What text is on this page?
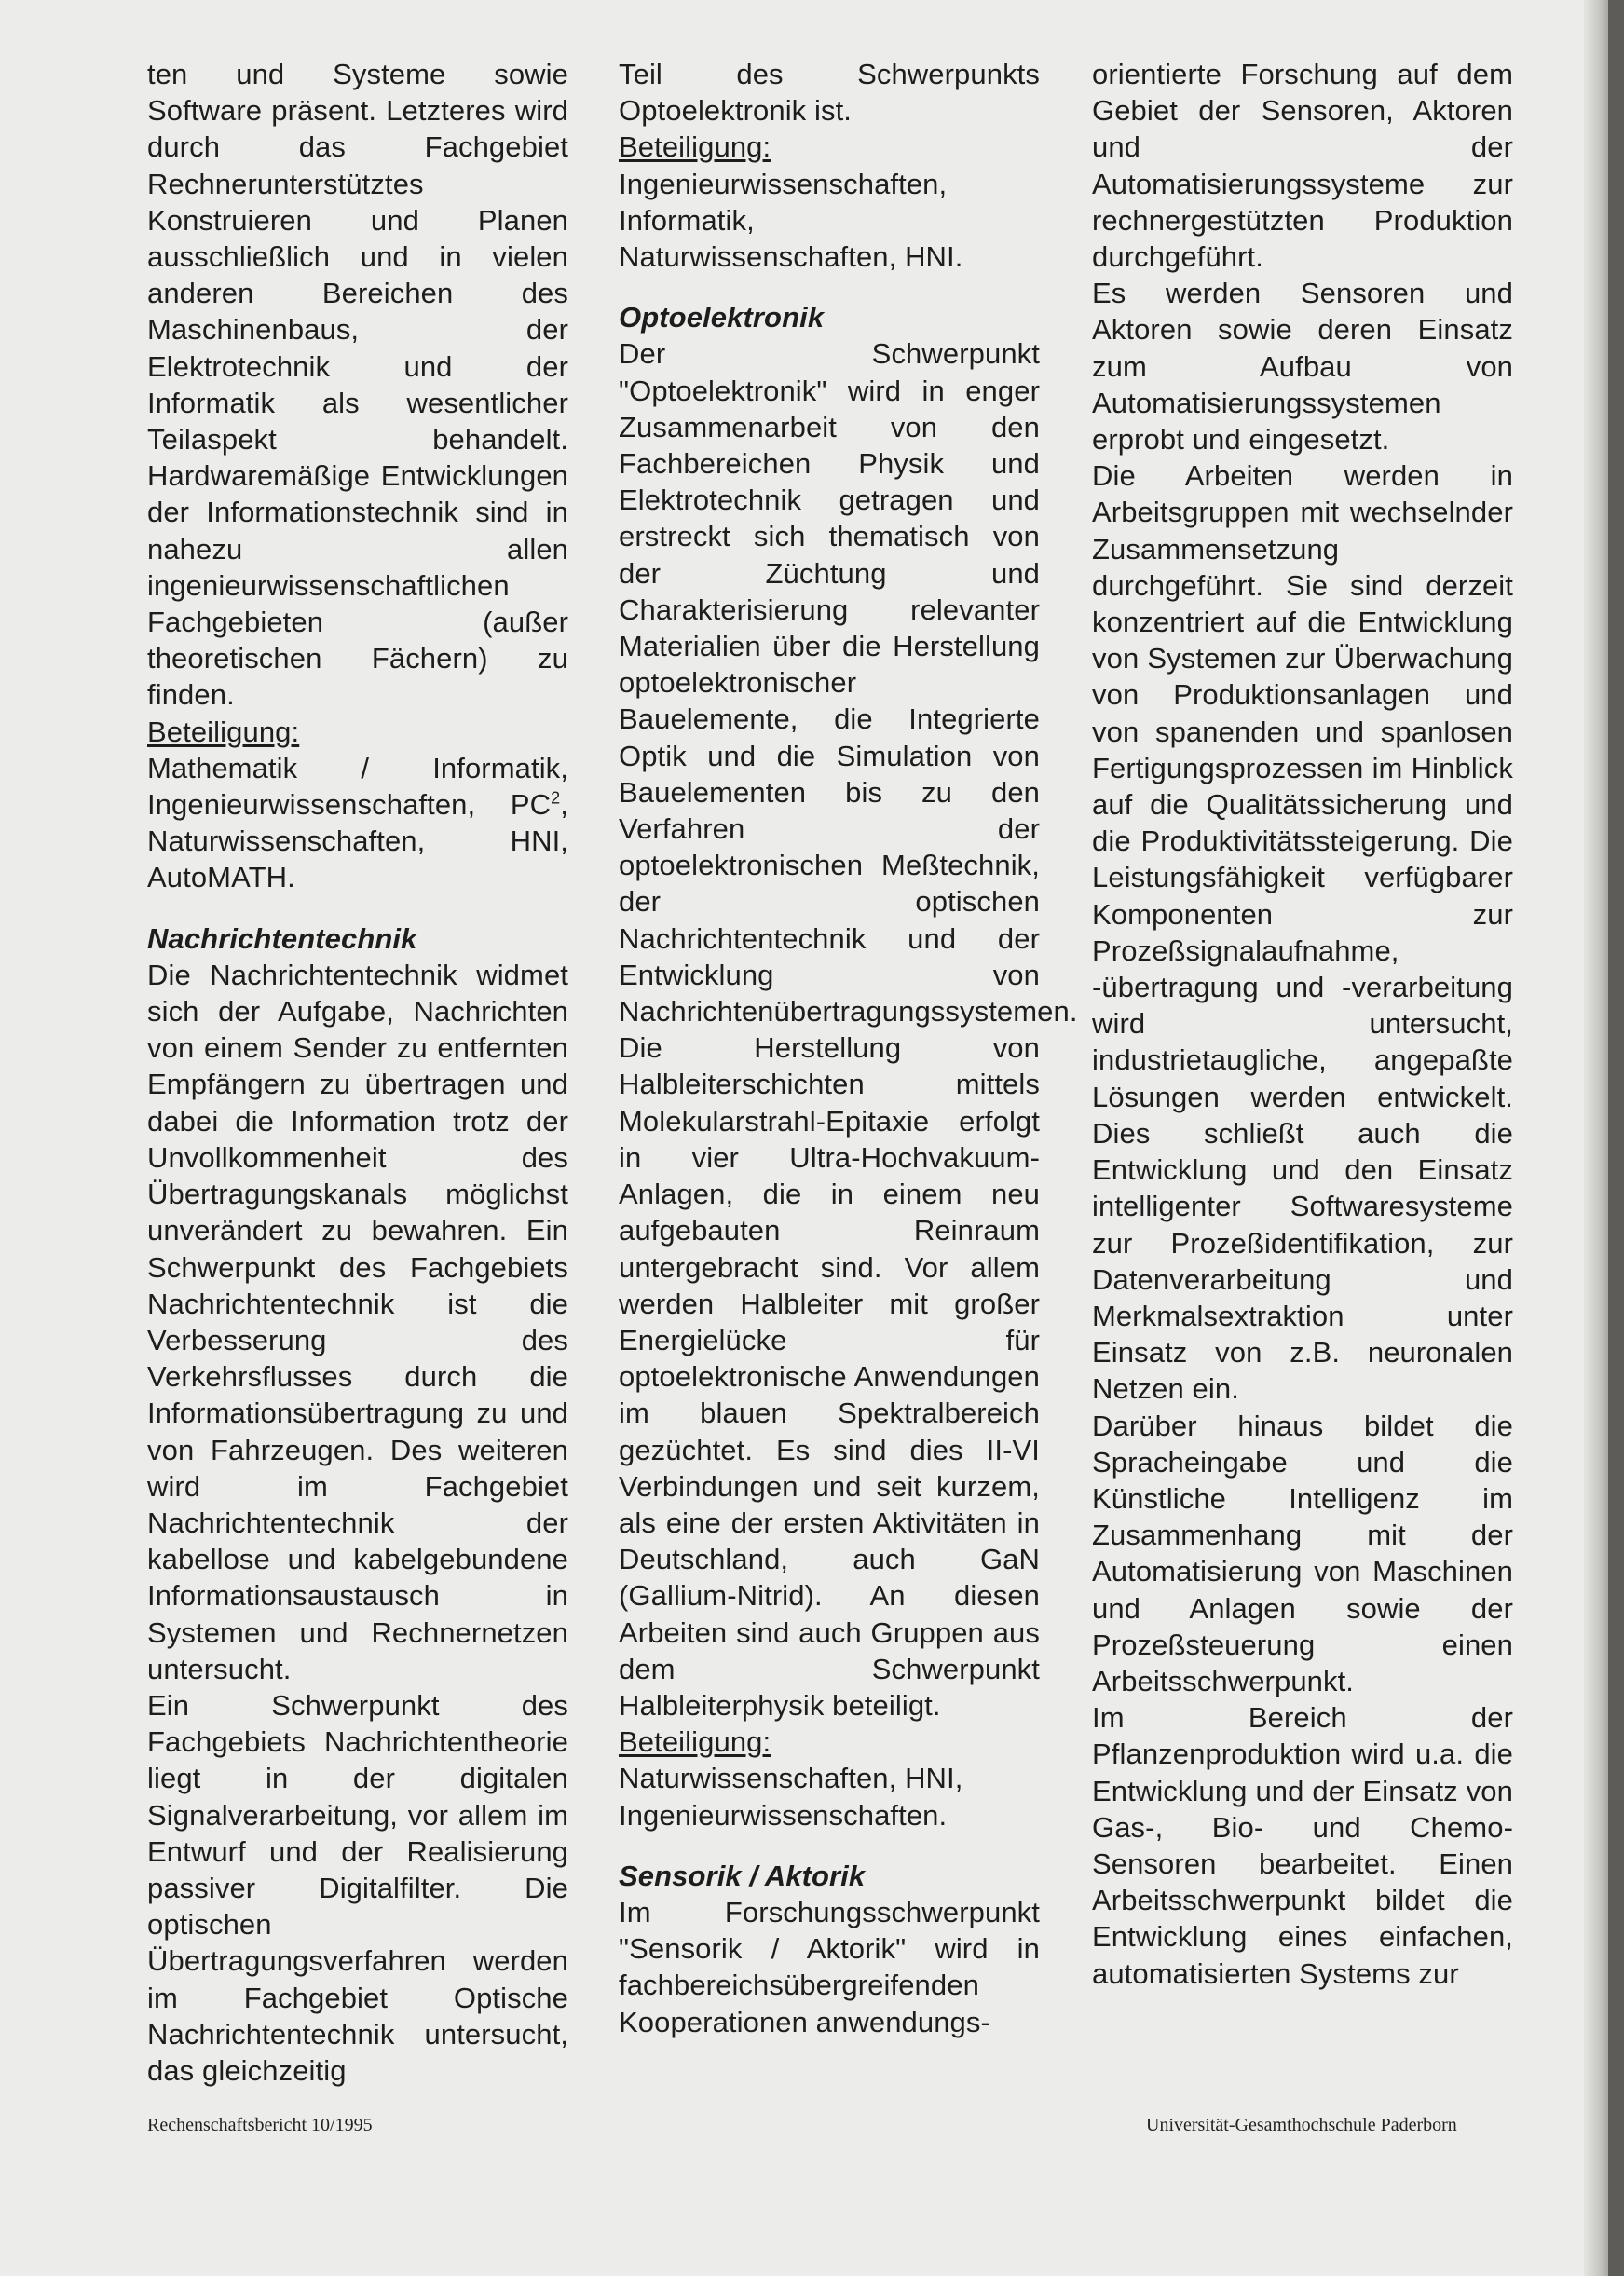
ten und Systeme sowie Software präsent. Letzteres wird durch das Fachgebiet Rechnerunterstütztes Konstruieren und Planen ausschließlich und in vielen anderen Bereichen des Maschinenbaus, der Elektrotechnik und der Informatik als wesentlicher Teilaspekt behandelt. Hardwaremäßige Entwicklungen der Informationstechnik sind in nahezu allen ingenieurwissenschaftlichen Fachgebieten (außer theoretischen Fächern) zu finden.

Beteiligung:

Mathematik / Informatik, Ingenieurwissenschaften, $PC^2$, Naturwissenschaften, HNI, AutoMATH.

Nachrichtentechnik

Die Nachrichtentechnik widmet sich der Aufgabe, Nachrichten von einem Sender zu entfernten Empfängern zu übertragen und dabei die Information trotz der Unvollkommenheit des Übertragungskanals möglichst unverändert zu bewahren. Ein Schwerpunkt des Fachgebiets Nachrichtentechnik ist die Verbesserung des Verkehrsflusses durch die Informationsübertragung zu und von Fahrzeugen. Des weiteren wird im Fachgebiet Nachrichtentechnik der kabellose und kabelgebundene Informationsaustausch in Systemen und Rechnernetzen untersucht.

Ein Schwerpunkt des Fachgebiets Nachrichtentheorie liegt in der digitalen Signalverarbeitung, vor allem im Entwurf und der Realisierung passiver Digitalfilter. Die optischen Übertragungsverfahren werden im Fachgebiet Optische Nachrichtentechnik untersucht, das gleichzeitig

Teil des Schwerpunkts Optoelektronik ist.

Beteiligung:

Ingenieurwissenschaften, Informatik, Naturwissenschaften, HNI.

Optoelektronik

Der Schwerpunkt "Optoelektronik" wird in enger Zusammenarbeit von den Fachbereichen Physik und Elektrotechnik getragen und erstreckt sich thematisch von der Züchtung und Charakterisierung relevanter Materialien über die Herstellung optoelektronischer Bauelemente, die Integrierte Optik und die Simulation von Bauelementen bis zu den Verfahren der optoelektronischen Meßtechnik, der optischen Nachrichtentechnik und der Entwicklung von Nachrichtenübertragungssystemen. Die Herstellung von Halbleiterschichten mittels Molekularstrahl-Epitaxie erfolgt in vier Ultra-Hochvakuum-Anlagen, die in einem neu aufgebauten Reinraum untergebracht sind. Vor allem werden Halbleiter mit großer Energielücke für optoelektronische Anwendungen im blauen Spektralbereich gezüchtet. Es sind dies II-VI Verbindungen und seit kurzem, als eine der ersten Aktivitäten in Deutschland, auch GaN (Gallium-Nitrid). An diesen Arbeiten sind auch Gruppen aus dem Schwerpunkt Halbleiterphysik beteiligt.

Beteiligung:

Naturwissenschaften, HNI, Ingenieurwissenschaften.

Sensorik / Aktorik

Im Forschungsschwerpunkt "Sensorik / Aktorik" wird in fachbereichsübergreifenden Kooperationen anwendungs-

orientierte Forschung auf dem Gebiet der Sensoren, Aktoren und der Automatisierungssysteme zur rechnergestützten Produktion durchgeführt.

Es werden Sensoren und Aktoren sowie deren Einsatz zum Aufbau von Automatisierungssystemen erprobt und eingesetzt.

Die Arbeiten werden in Arbeitsgruppen mit wechselnder Zusammensetzung durchgeführt. Sie sind derzeit konzentriert auf die Entwicklung von Systemen zur Überwachung von Produktionsanlagen und von spanenden und spanlosen Fertigungsprozessen im Hinblick auf die Qualitätssicherung und die Produktivitätssteigerung. Die Leistungsfähigkeit verfügbarer Komponenten zur Prozeßsignalaufnahme, -übertragung und -verarbeitung wird untersucht, industrietaugliche, angepaßte Lösungen werden entwickelt. Dies schließt auch die Entwicklung und den Einsatz intelligenter Softwaresysteme zur Prozeßidentifikation, zur Datenverarbeitung und Merkmalsextraktion unter Einsatz von z.B. neuronalen Netzen ein.

Darüber hinaus bildet die Spracheingabe und die Künstliche Intelligenz im Zusammenhang mit der Automatisierung von Maschinen und Anlagen sowie der Prozeßsteuerung einen Arbeitsschwerpunkt.

Im Bereich der Pflanzenproduktion wird u.a. die Entwicklung und der Einsatz von Gas-, Bio- und Chemo-Sensoren bearbeitet. Einen Arbeitsschwerpunkt bildet die Entwicklung eines einfachen, automatisierten Systems zur

Rechenschaftsbericht 10/1995	Universität-Gesamthochschule Paderborn
